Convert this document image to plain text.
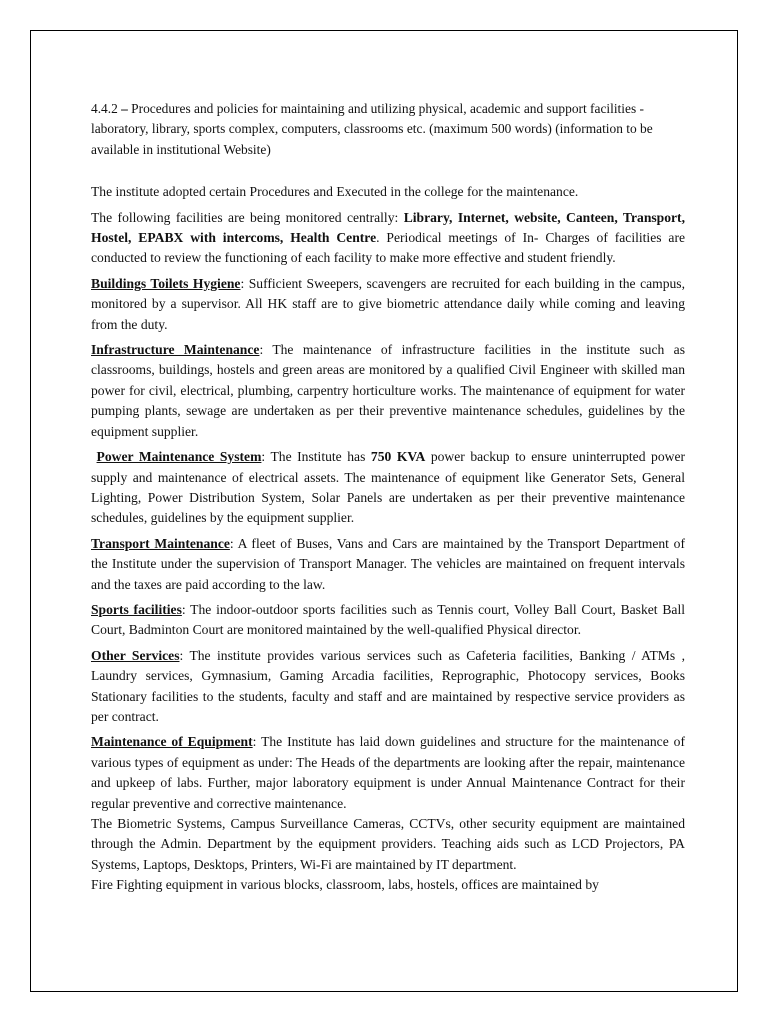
4.4.2 – Procedures and policies for maintaining and utilizing physical, academic and support facilities - laboratory, library, sports complex, computers, classrooms etc. (maximum 500 words) (information to be available in institutional Website)

The institute adopted certain Procedures and Executed in the college for the maintenance.

The following facilities are being monitored centrally: Library, Internet, website, Canteen, Transport, Hostel, EPABX with intercoms, Health Centre. Periodical meetings of In- Charges of facilities are conducted to review the functioning of each facility to make more effective and student friendly.

Buildings Toilets Hygiene: Sufficient Sweepers, scavengers are recruited for each building in the campus, monitored by a supervisor. All HK staff are to give biometric attendance daily while coming and leaving from the duty.

Infrastructure Maintenance: The maintenance of infrastructure facilities in the institute such as classrooms, buildings, hostels and green areas are monitored by a qualified Civil Engineer with skilled man power for civil, electrical, plumbing, carpentry horticulture works. The maintenance of equipment for water pumping plants, sewage are undertaken as per their preventive maintenance schedules, guidelines by the equipment supplier.

Power Maintenance System: The Institute has 750 KVA power backup to ensure uninterrupted power supply and maintenance of electrical assets. The maintenance of equipment like Generator Sets, General Lighting, Power Distribution System, Solar Panels are undertaken as per their preventive maintenance schedules, guidelines by the equipment supplier.

Transport Maintenance: A fleet of Buses, Vans and Cars are maintained by the Transport Department of the Institute under the supervision of Transport Manager. The vehicles are maintained on frequent intervals and the taxes are paid according to the law.

Sports facilities: The indoor-outdoor sports facilities such as Tennis court, Volley Ball Court, Basket Ball Court, Badminton Court are monitored maintained by the well-qualified Physical director.

Other Services: The institute provides various services such as Cafeteria facilities, Banking / ATMs , Laundry services, Gymnasium, Gaming Arcadia facilities, Reprographic, Photocopy services, Books Stationary facilities to the students, faculty and staff and are maintained by respective service providers as per contract.

Maintenance of Equipment: The Institute has laid down guidelines and structure for the maintenance of various types of equipment as under: The Heads of the departments are looking after the repair, maintenance and upkeep of labs. Further, major laboratory equipment is under Annual Maintenance Contract for their regular preventive and corrective maintenance.

The Biometric Systems, Campus Surveillance Cameras, CCTVs, other security equipment are maintained through the Admin. Department by the equipment providers. Teaching aids such as LCD Projectors, PA Systems, Laptops, Desktops, Printers, Wi-Fi are maintained by IT department.

Fire Fighting equipment in various blocks, classroom, labs, hostels, offices are maintained by
